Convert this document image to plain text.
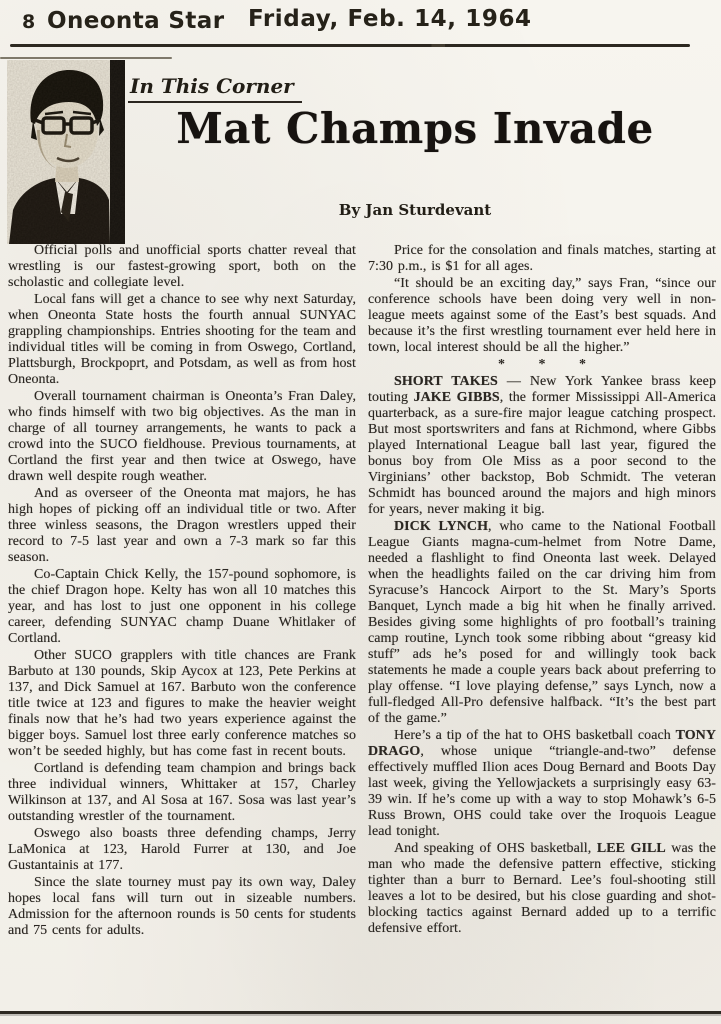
8 Oneonta Star Friday, Feb. 14, 1964
In This Corner
Mat Champs Invade
By Jan Sturdevant

Official polls and unofficial sports chatter reveal that wrestling is our fastest-growing sport, both on the scholastic and collegiate level.

Local fans will get a chance to see why next Saturday, when Oneonta State hosts the fourth annual SUNYAC grappling championships. Entries shooting for the team and individual titles will be coming in from Oswego, Cortland, Plattsburgh, Brockpoprt, and Potsdam, as well as from host Oneonta.

Overall tournament chairman is Oneonta’s Fran Daley, who finds himself with two big objectives. As the man in charge of all tourney arrangements, he wants to pack a crowd into the SUCO fieldhouse. Previous tournaments, at Cortland the first year and then twice at Oswego, have drawn well despite rough weather.

And as overseer of the Oneonta mat majors, he has high hopes of picking off an individual title or two. After three winless seasons, the Dragon wrestlers upped their record to 7-5 last year and own a 7-3 mark so far this season.

Co-Captain Chick Kelly, the 157-pound sophomore, is the chief Dragon hope. Kelty has won all 10 matches this year, and has lost to just one opponent in his college career, defending SUNYAC champ Duane Whitlaker of Cortland.

Other SUCO grapplers with title chances are Frank Barbuto at 130 pounds, Skip Aycox at 123, Pete Perkins at 137, and Dick Samuel at 167. Barbuto won the conference title twice at 123 and figures to make the heavier weight finals now that he’s had two years experience against the bigger boys. Samuel lost three early conference matches so won’t be seeded highly, but has come fast in recent bouts.

Cortland is defending team champion and brings back three individual winners, Whittaker at 157, Charley Wilkinson at 137, and Al Sosa at 167. Sosa was last year’s outstanding wrestler of the tournament.

Oswego also boasts three defending champs, Jerry LaMonica at 123, Harold Furrer at 130, and Joe Gustantainis at 177.

Since the slate tourney must pay its own way, Daley hopes local fans will turn out in sizeable numbers. Admission for the afternoon rounds is 50 cents for students and 75 cents for adults.

Price for the consolation and finals matches, starting at 7:30 p.m., is $1 for all ages.

“It should be an exciting day,” says Fran, “since our conference schools have been doing very well in non-league meets against some of the East’s best squads. And because it’s the first wrestling tournament ever held here in town, local interest should be all the higher.”

* * *

SHORT TAKES — New York Yankee brass keep touting JAKE GIBBS, the former Mississippi All-America quarterback, as a sure-fire major league catching prospect. But most sportswriters and fans at Richmond, where Gibbs played International League ball last year, figured the bonus boy from Ole Miss as a poor second to the Virginians’ other backstop, Bob Schmidt. The veteran Schmidt has bounced around the majors and high minors for years, never making it big.

DICK LYNCH, who came to the National Football League Giants magna-cum-helmet from Notre Dame, needed a flashlight to find Oneonta last week. Delayed when the headlights failed on the car driving him from Syracuse’s Hancock Airport to the St. Mary’s Sports Banquet, Lynch made a big hit when he finally arrived. Besides giving some highlights of pro football’s training camp routine, Lynch took some ribbing about “greasy kid stuff” ads he’s posed for and willingly took back statements he made a couple years back about preferring to play offense. “I love playing defense,” says Lynch, now a full-fledged All-Pro defensive halfback. “It’s the best part of the game.”

Here’s a tip of the hat to OHS basketball coach TONY DRAGO, whose unique “triangle-and-two” defense effectively muffled Ilion aces Doug Bernard and Boots Day last week, giving the Yellowjackets a surprisingly easy 63-39 win. If he’s come up with a way to stop Mohawk’s 6-5 Russ Brown, OHS could take over the Iroquois League lead tonight.

And speaking of OHS basketball, LEE GILL was the man who made the defensive pattern effective, sticking tighter than a burr to Bernard. Lee’s foul-shooting still leaves a lot to be desired, but his close guarding and shot-blocking tactics against Bernard added up to a terrific defensive effort.
